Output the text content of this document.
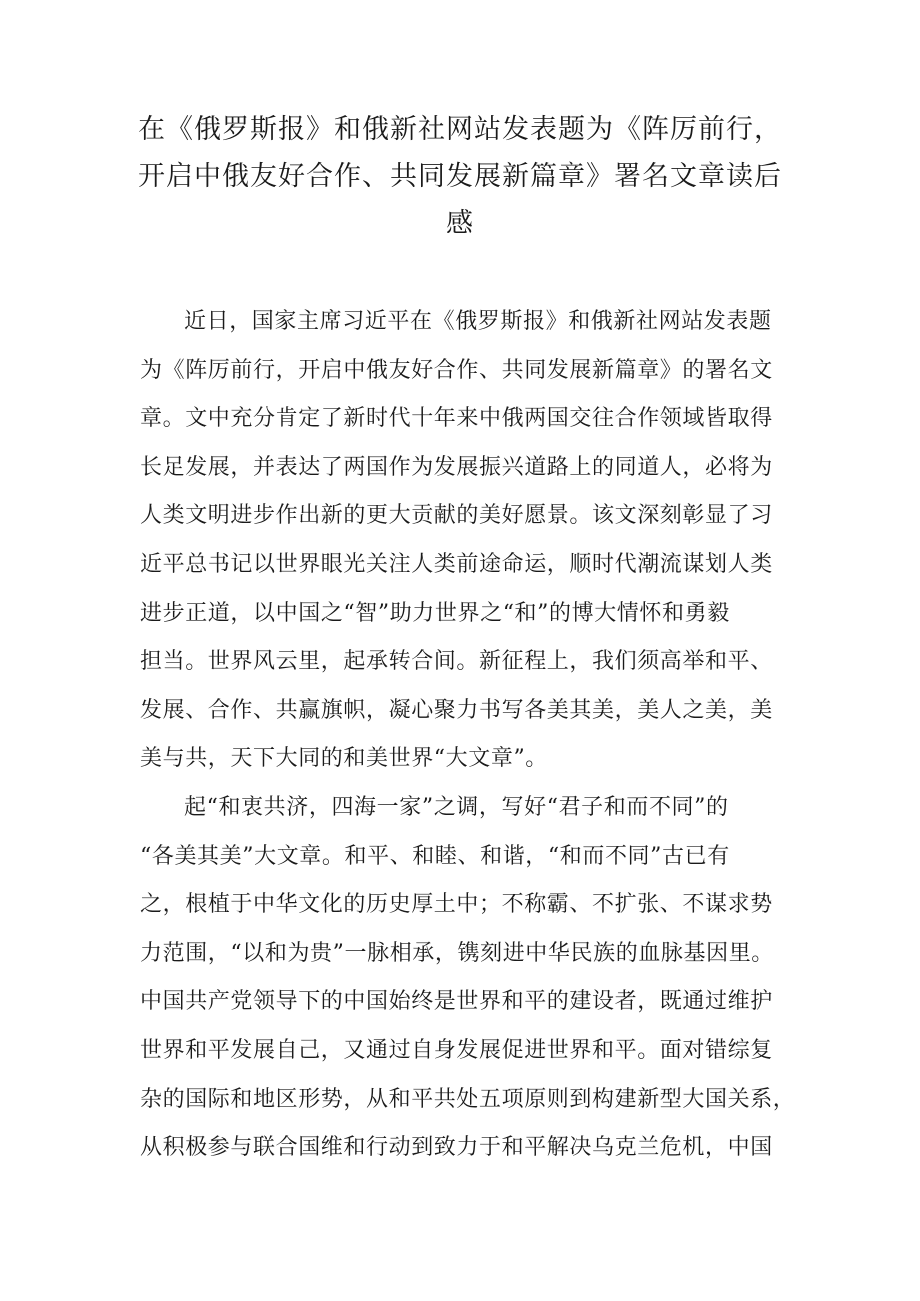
在《俄罗斯报》和俄新社网站发表题为《阵厉前行，
开启中俄友好合作、共同发展新篇章》署名文章读后
感
近日，国家主席习近平在《俄罗斯报》和俄新社网站发表题
为《阵厉前行，开启中俄友好合作、共同发展新篇章》的署名文
章。文中充分肯定了新时代十年来中俄两国交往合作领域皆取得
长足发展，并表达了两国作为发展振兴道路上的同道人，必将为
人类文明进步作出新的更大贡献的美好愿景。该文深刻彰显了习
近平总书记以世界眼光关注人类前途命运，顺时代潮流谋划人类
进步正道，以中国之“智”助力世界之“和”的博大情怀和勇毅
担当。世界风云里，起承转合间。新征程上，我们须高举和平、
发展、合作、共赢旗帜，凝心聚力书写各美其美，美人之美，美
美与共，天下大同的和美世界“大文章”。
起“和衷共济，四海一家”之调，写好“君子和而不同”的
“各美其美”大文章。和平、和睦、和谐，“和而不同”古已有
之，根植于中华文化的历史厚土中；不称霸、不扩张、不谋求势
力范围，“以和为贵”一脉相承，镌刻进中华民族的血脉基因里。
中国共产党领导下的中国始终是世界和平的建设者，既通过维护
世界和平发展自己，又通过自身发展促进世界和平。面对错综复
杂的国际和地区形势，从和平共处五项原则到构建新型大国关系，
从积极参与联合国维和行动到致力于和平解决乌克兰危机，中国
